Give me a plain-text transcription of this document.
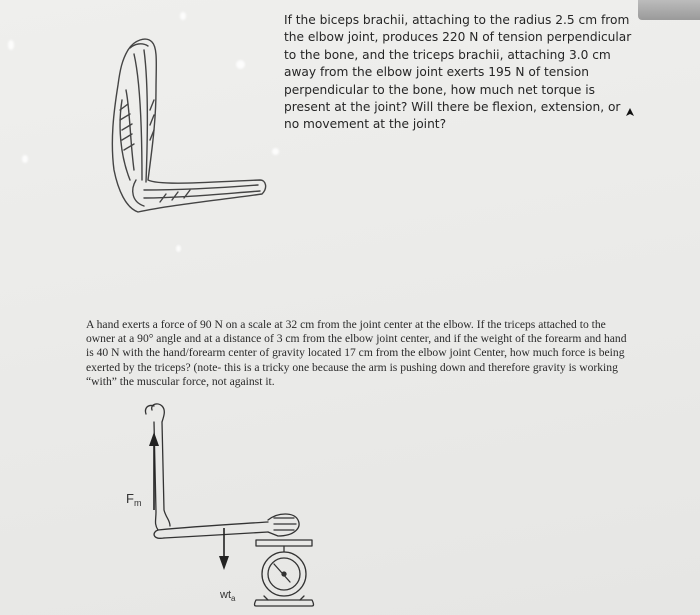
If the biceps brachii, attaching to the radius 2.5 cm from the elbow joint, produces 220 N of tension perpendicular to the bone, and the triceps brachii, attaching 3.0 cm away from the elbow joint exerts 195 N of tension perpendicular to the bone, how much net torque is present at the joint? Will there be flexion, extension, or no movement at the joint?

A hand exerts a force of 90 N on a scale at 32 cm from the joint center at the elbow. If the triceps attached to the owner at a 90° angle and at a distance of 3 cm from the elbow joint center, and if the weight of the forearm and hand is 40 N with the hand/forearm center of gravity located 17 cm from the elbow joint Center, how much force is being exerted by the triceps? (note- this is a tricky one because the arm is pushing down and therefore gravity is working “with” the muscular force, not against it.

$F_m$
$wt_a$
